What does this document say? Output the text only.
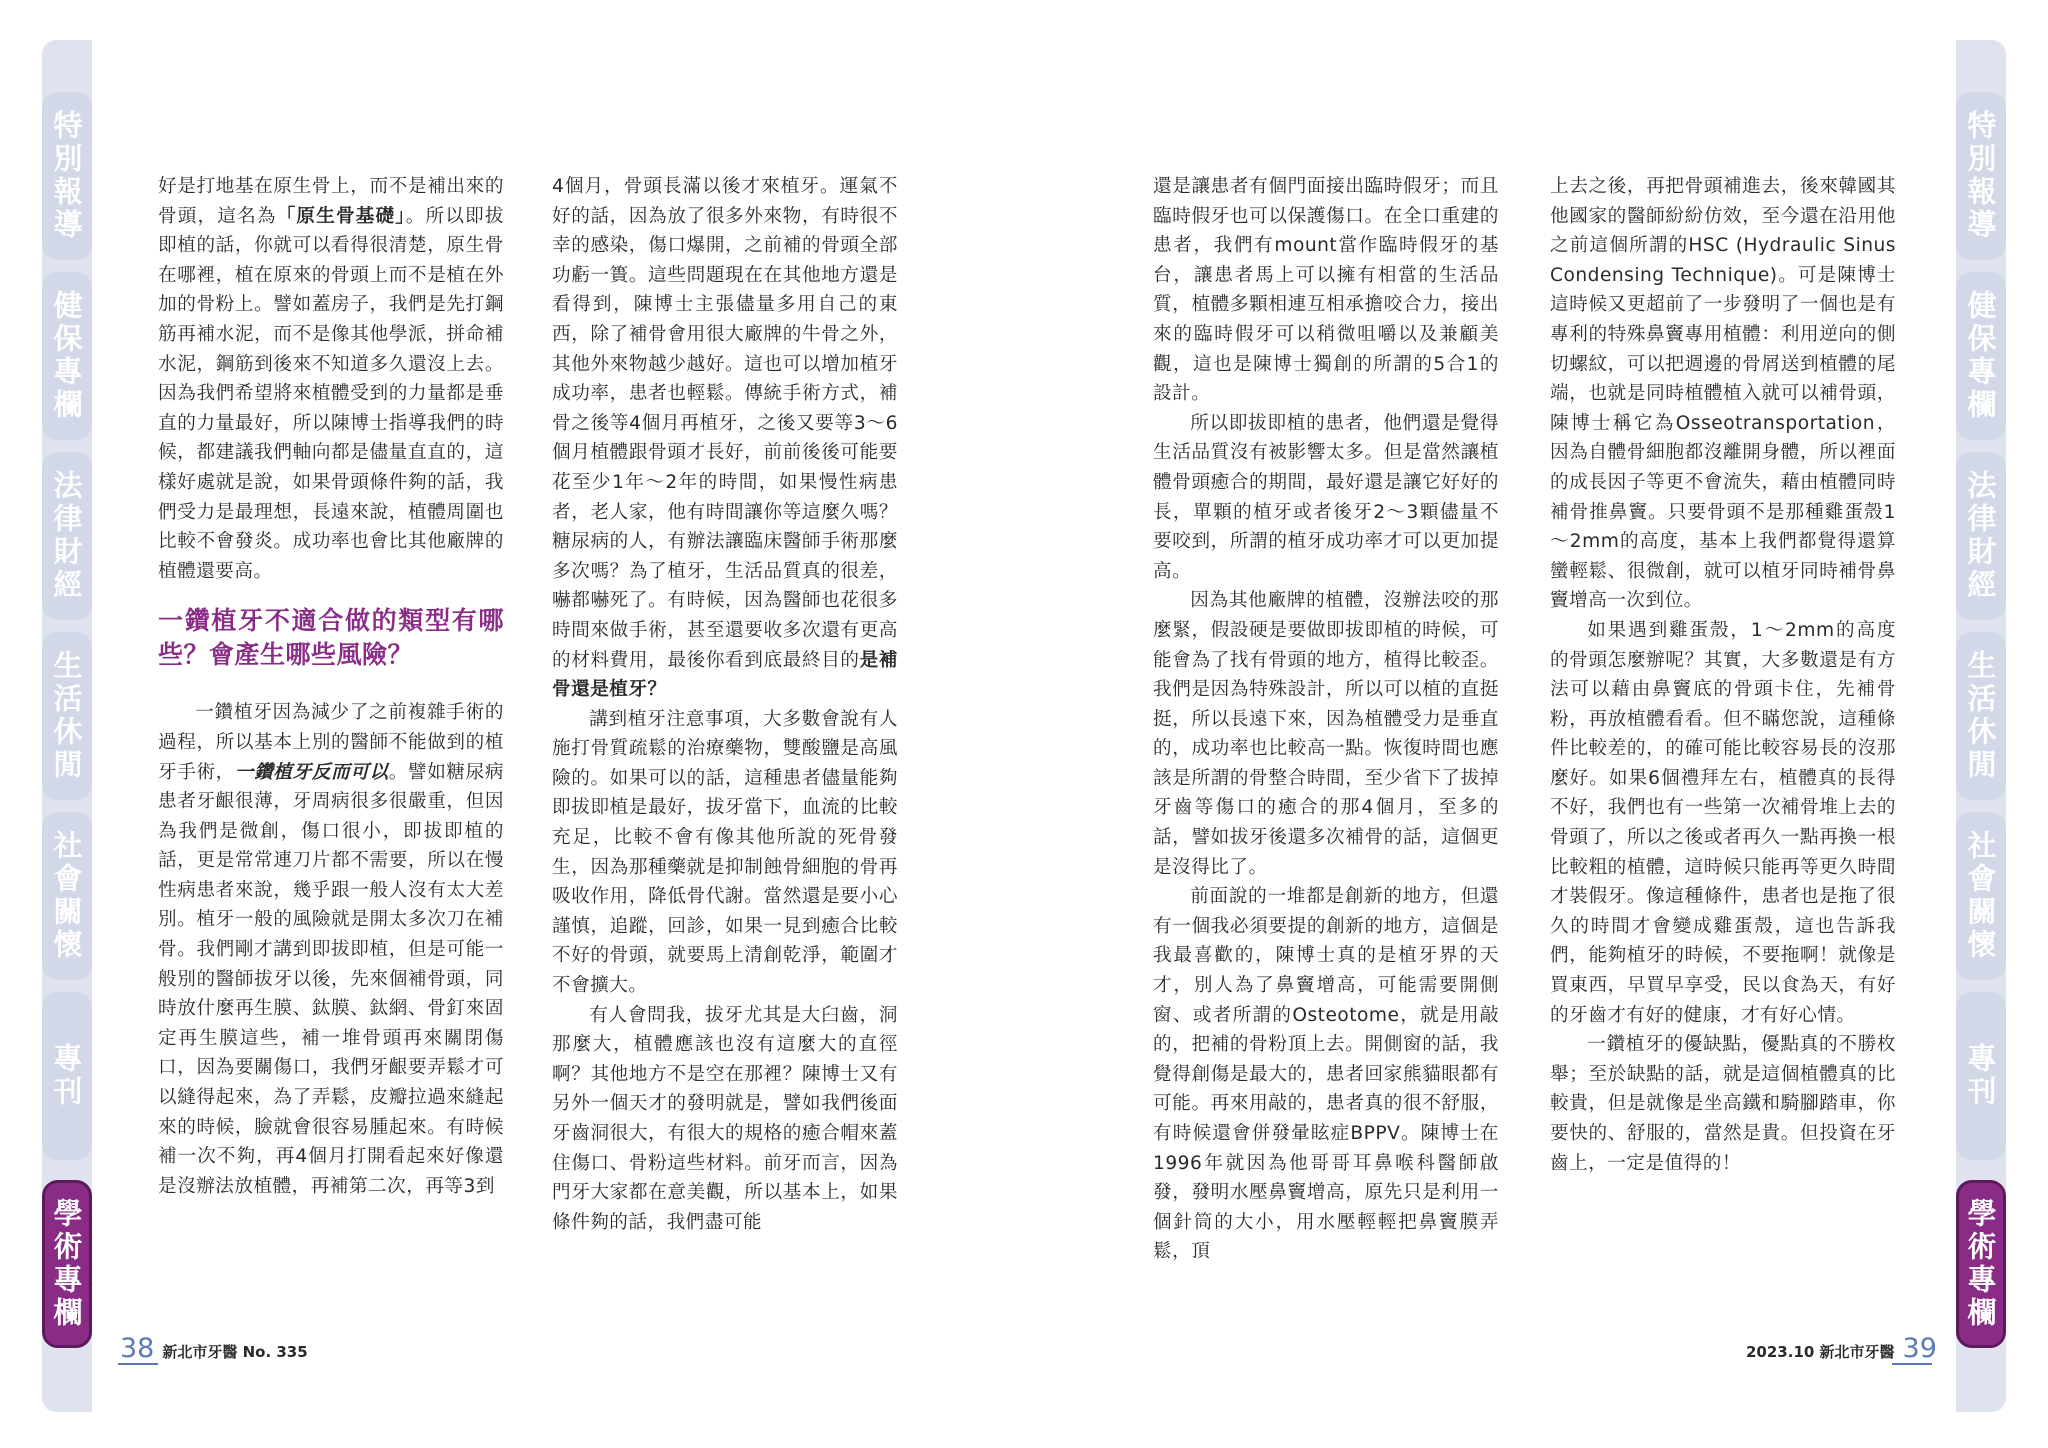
特別報導
健保專欄
法律財經
生活休閒
社會關懷
專刊
學術專欄
特別報導
健保專欄
法律財經
生活休閒
社會關懷
專刊
學術專欄

好是打地基在原生骨上，而不是補出來的骨頭，這名為「原生骨基礎」。所以即拔即植的話，你就可以看得很清楚，原生骨在哪裡，植在原來的骨頭上而不是植在外加的骨粉上。譬如蓋房子，我們是先打鋼筋再補水泥，而不是像其他學派，拼命補水泥，鋼筋到後來不知道多久還沒上去。因為我們希望將來植體受到的力量都是垂直的力量最好，所以陳博士指導我們的時候，都建議我們軸向都是儘量直直的，這樣好處就是說，如果骨頭條件夠的話，我們受力是最理想，長遠來說，植體周圍也比較不會發炎。成功率也會比其他廠牌的植體還要高。

一鑽植牙不適合做的類型有哪些？會產生哪些風險？

一鑽植牙因為減少了之前複雜手術的過程，所以基本上別的醫師不能做到的植牙手術，一鑽植牙反而可以。譬如糖尿病患者牙齦很薄，牙周病很多很嚴重，但因為我們是微創，傷口很小，即拔即植的話，更是常常連刀片都不需要，所以在慢性病患者來說，幾乎跟一般人沒有太大差別。植牙一般的風險就是開太多次刀在補骨。我們剛才講到即拔即植，但是可能一般別的醫師拔牙以後，先來個補骨頭，同時放什麼再生膜、鈦膜、鈦網、骨釘來固定再生膜這些，補一堆骨頭再來關閉傷口，因為要關傷口，我們牙齦要弄鬆才可以縫得起來，為了弄鬆，皮瓣拉過來縫起來的時候，臉就會很容易腫起來。有時候補一次不夠，再4個月打開看起來好像還是沒辦法放植體，再補第二次，再等3到

4個月，骨頭長滿以後才來植牙。運氣不好的話，因為放了很多外來物，有時很不幸的感染，傷口爆開，之前補的骨頭全部功虧一簣。這些問題現在在其他地方還是看得到，陳博士主張儘量多用自己的東西，除了補骨會用很大廠牌的牛骨之外，其他外來物越少越好。這也可以增加植牙成功率，患者也輕鬆。傳統手術方式，補骨之後等4個月再植牙，之後又要等3～6個月植體跟骨頭才長好，前前後後可能要花至少1年～2年的時間，如果慢性病患者，老人家，他有時間讓你等這麼久嗎？糖尿病的人，有辦法讓臨床醫師手術那麼多次嗎？為了植牙，生活品質真的很差，嚇都嚇死了。有時候，因為醫師也花很多時間來做手術，甚至還要收多次還有更高的材料費用，最後你看到底最終目的是補骨還是植牙？

講到植牙注意事項，大多數會說有人施打骨質疏鬆的治療藥物，雙酸鹽是高風險的。如果可以的話，這種患者儘量能夠即拔即植是最好，拔牙當下，血流的比較充足，比較不會有像其他所說的死骨發生，因為那種藥就是抑制蝕骨細胞的骨再吸收作用，降低骨代謝。當然還是要小心謹慎，追蹤，回診，如果一見到癒合比較不好的骨頭，就要馬上清創乾淨，範圍才不會擴大。

有人會問我，拔牙尤其是大臼齒，洞那麼大，植體應該也沒有這麼大的直徑啊？其他地方不是空在那裡？陳博士又有另外一個天才的發明就是，譬如我們後面牙齒洞很大，有很大的規格的癒合帽來蓋住傷口、骨粉這些材料。前牙而言，因為門牙大家都在意美觀，所以基本上，如果條件夠的話，我們盡可能

還是讓患者有個門面接出臨時假牙；而且臨時假牙也可以保護傷口。在全口重建的患者，我們有mount當作臨時假牙的基台，讓患者馬上可以擁有相當的生活品質，植體多顆相連互相承擔咬合力，接出來的臨時假牙可以稍微咀嚼以及兼顧美觀，這也是陳博士獨創的所謂的5合1的設計。

所以即拔即植的患者，他們還是覺得生活品質沒有被影響太多。但是當然讓植體骨頭癒合的期間，最好還是讓它好好的長，單顆的植牙或者後牙2～3顆儘量不要咬到，所謂的植牙成功率才可以更加提高。

因為其他廠牌的植體，沒辦法咬的那麼緊，假設硬是要做即拔即植的時候，可能會為了找有骨頭的地方，植得比較歪。我們是因為特殊設計，所以可以植的直挺挺，所以長遠下來，因為植體受力是垂直的，成功率也比較高一點。恢復時間也應該是所謂的骨整合時間，至少省下了拔掉牙齒等傷口的癒合的那4個月，至多的話，譬如拔牙後還多次補骨的話，這個更是沒得比了。

前面說的一堆都是創新的地方，但還有一個我必須要提的創新的地方，這個是我最喜歡的，陳博士真的是植牙界的天才，別人為了鼻竇增高，可能需要開側窗、或者所謂的Osteotome，就是用敲的，把補的骨粉頂上去。開側窗的話，我覺得創傷是最大的，患者回家熊貓眼都有可能。再來用敲的，患者真的很不舒服，有時候還會併發暈眩症BPPV。陳博士在1996年就因為他哥哥耳鼻喉科醫師啟發，發明水壓鼻竇增高，原先只是利用一個針筒的大小，用水壓輕輕把鼻竇膜弄鬆，頂

上去之後，再把骨頭補進去，後來韓國其他國家的醫師紛紛仿效，至今還在沿用他之前這個所謂的HSC (Hydraulic Sinus Condensing Technique)。可是陳博士這時候又更超前了一步發明了一個也是有專利的特殊鼻竇專用植體：利用逆向的側切螺紋，可以把週邊的骨屑送到植體的尾端，也就是同時植體植入就可以補骨頭，陳博士稱它為Osseotransportation，因為自體骨細胞都沒離開身體，所以裡面的成長因子等更不會流失，藉由植體同時補骨推鼻竇。只要骨頭不是那種雞蛋殼1～2mm的高度，基本上我們都覺得還算蠻輕鬆、很微創，就可以植牙同時補骨鼻竇增高一次到位。

如果遇到雞蛋殼，1～2mm的高度的骨頭怎麼辦呢？其實，大多數還是有方法可以藉由鼻竇底的骨頭卡住，先補骨粉，再放植體看看。但不瞞您說，這種條件比較差的，的確可能比較容易長的沒那麼好。如果6個禮拜左右，植體真的長得不好，我們也有一些第一次補骨堆上去的骨頭了，所以之後或者再久一點再換一根比較粗的植體，這時候只能再等更久時間才裝假牙。像這種條件，患者也是拖了很久的時間才會變成雞蛋殼，這也告訴我們，能夠植牙的時候，不要拖啊！就像是買東西，早買早享受，民以食為天，有好的牙齒才有好的健康，才有好心情。

一鑽植牙的優缺點，優點真的不勝枚舉；至於缺點的話，就是這個植體真的比較貴，但是就像是坐高鐵和騎腳踏車，你要快的、舒服的，當然是貴。但投資在牙齒上，一定是值得的！

38 新北市牙醫 No. 335	2023.10 新北市牙醫 39
